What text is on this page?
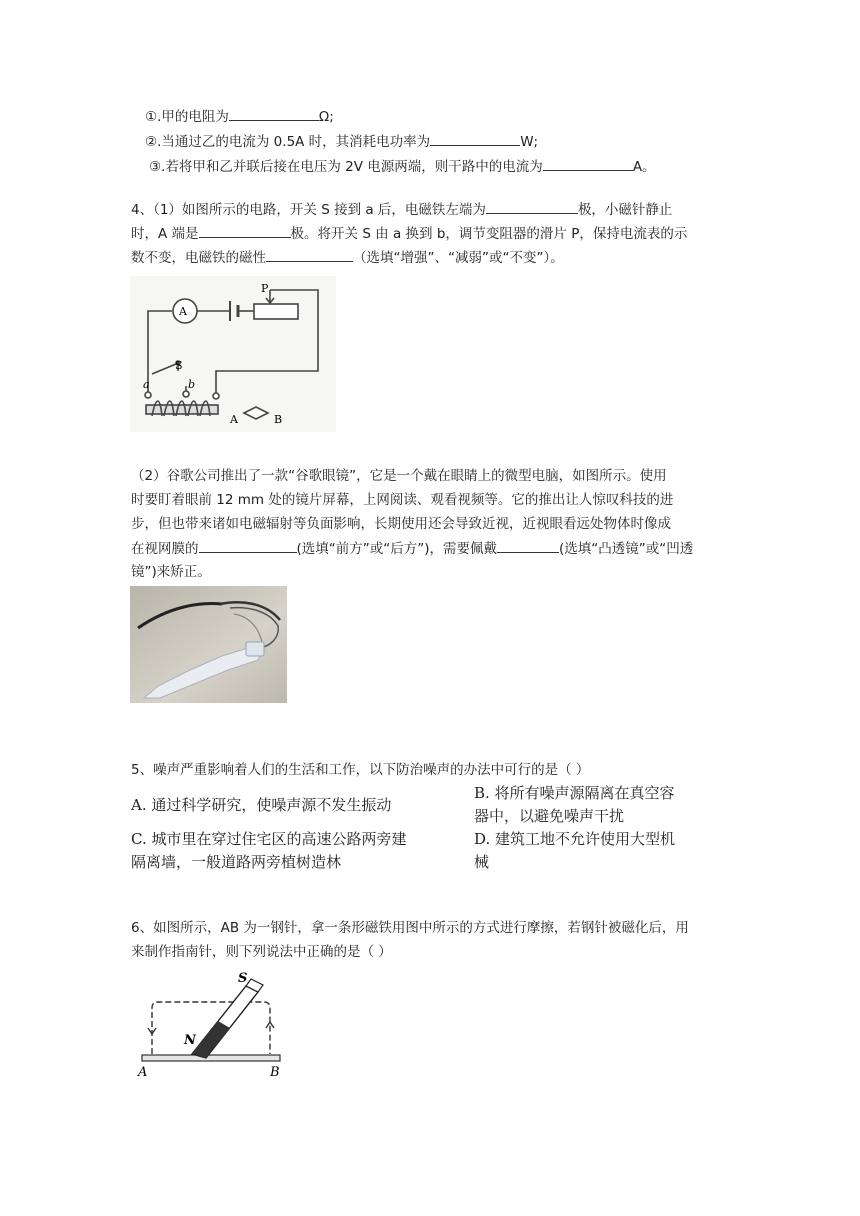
①.甲的电阻为	Ω;
②.当通过乙的电流为 0.5A 时，其消耗电功率为	W;
③.若将甲和乙并联后接在电压为 2V 电源两端，则干路中的电流为	A。
4、（1）如图所示的电路，开关 S 接到 a 后，电磁铁左端为	极，小磁针静止
时，A 端是	极。将开关 S 由 a 换到 b，调节变阻器的滑片 P，保持电流表的示
数不变，电磁铁的磁性	（选填“增强”、“减弱”或“不变”）。
A
P
S
a	b
A	B
（2）谷歌公司推出了一款“谷歌眼镜”，它是一个戴在眼睛上的微型电脑，如图所示。使用
时要盯着眼前 12 mm 处的镜片屏幕，上网阅读、观看视频等。它的推出让人惊叹科技的进
步，但也带来诸如电磁辐射等负面影响，长期使用还会导致近视，近视眼看远处物体时像成
在视网膜的	(选填“前方”或“后方”)，需要佩戴	(选填“凸透镜”或“凹透
镜”)来矫正。
5、噪声严重影响着人们的生活和工作，以下防治噪声的办法中可行的是（ ）
A. 通过科学研究，使噪声源不发生振动
B. 将所有噪声源隔离在真空容
器中，以避免噪声干扰
C. 城市里在穿过住宅区的高速公路两旁建
隔离墙，一般道路两旁植树造林
D. 建筑工地不允许使用大型机
械
6、如图所示，AB 为一钢针，拿一条形磁铁用图中所示的方式进行摩擦，若钢针被磁化后，用
来制作指南针，则下列说法中正确的是（ ）
S
N
A	B
